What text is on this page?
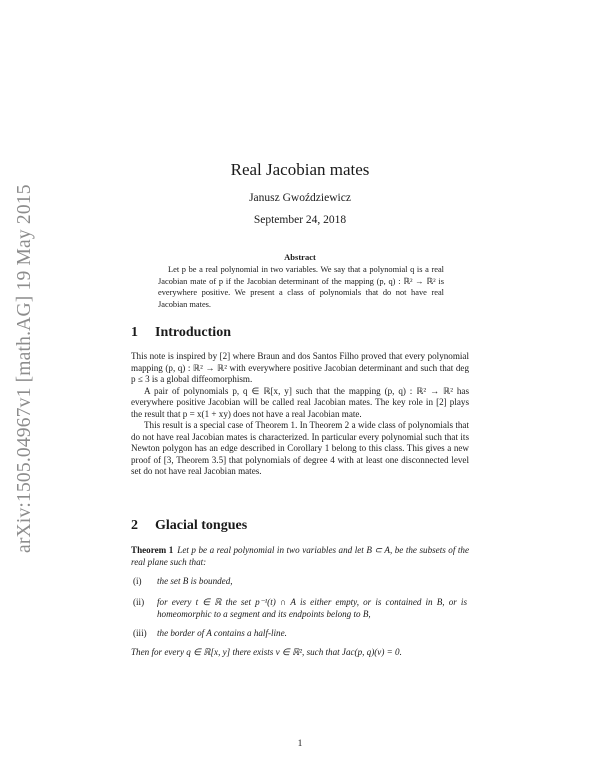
arXiv:1505.04967v1 [math.AG] 19 May 2015
Real Jacobian mates
Janusz Gwoździewicz
September 24, 2018
Abstract

Let p be a real polynomial in two variables. We say that a polynomial q is a real Jacobian mate of p if the Jacobian determinant of the mapping (p, q) : ℝ² → ℝ² is everywhere positive. We present a class of polynomials that do not have real Jacobian mates.

1 Introduction

This note is inspired by [2] where Braun and dos Santos Filho proved that every polynomial mapping (p, q) : ℝ² → ℝ² with everywhere positive Jacobian determinant and such that deg p ≤ 3 is a global diffeomorphism.

A pair of polynomials p, q ∈ ℝ[x, y] such that the mapping (p, q) : ℝ² → ℝ² has everywhere positive Jacobian will be called real Jacobian mates. The key role in [2] plays the result that p = x(1 + xy) does not have a real Jacobian mate.

This result is a special case of Theorem 1. In Theorem 2 a wide class of polynomials that do not have real Jacobian mates is characterized. In particular every polynomial such that its Newton polygon has an edge described in Corollary 1 belong to this class. This gives a new proof of [3, Theorem 3.5] that polynomials of degree 4 with at least one disconnected level set do not have real Jacobian mates.

2 Glacial tongues
Theorem 1 Let p be a real polynomial in two variables and let B ⊂ A, be the subsets of the real plane such that:
(i) the set B is bounded,
(ii) for every t ∈ ℝ the set p⁻¹(t) ∩ A is either empty, or is contained in B, or is homeomorphic to a segment and its endpoints belong to B,
(iii) the border of A contains a half-line.
Then for every q ∈ ℝ[x, y] there exists v ∈ ℝ², such that Jac(p, q)(v) = 0.
1
